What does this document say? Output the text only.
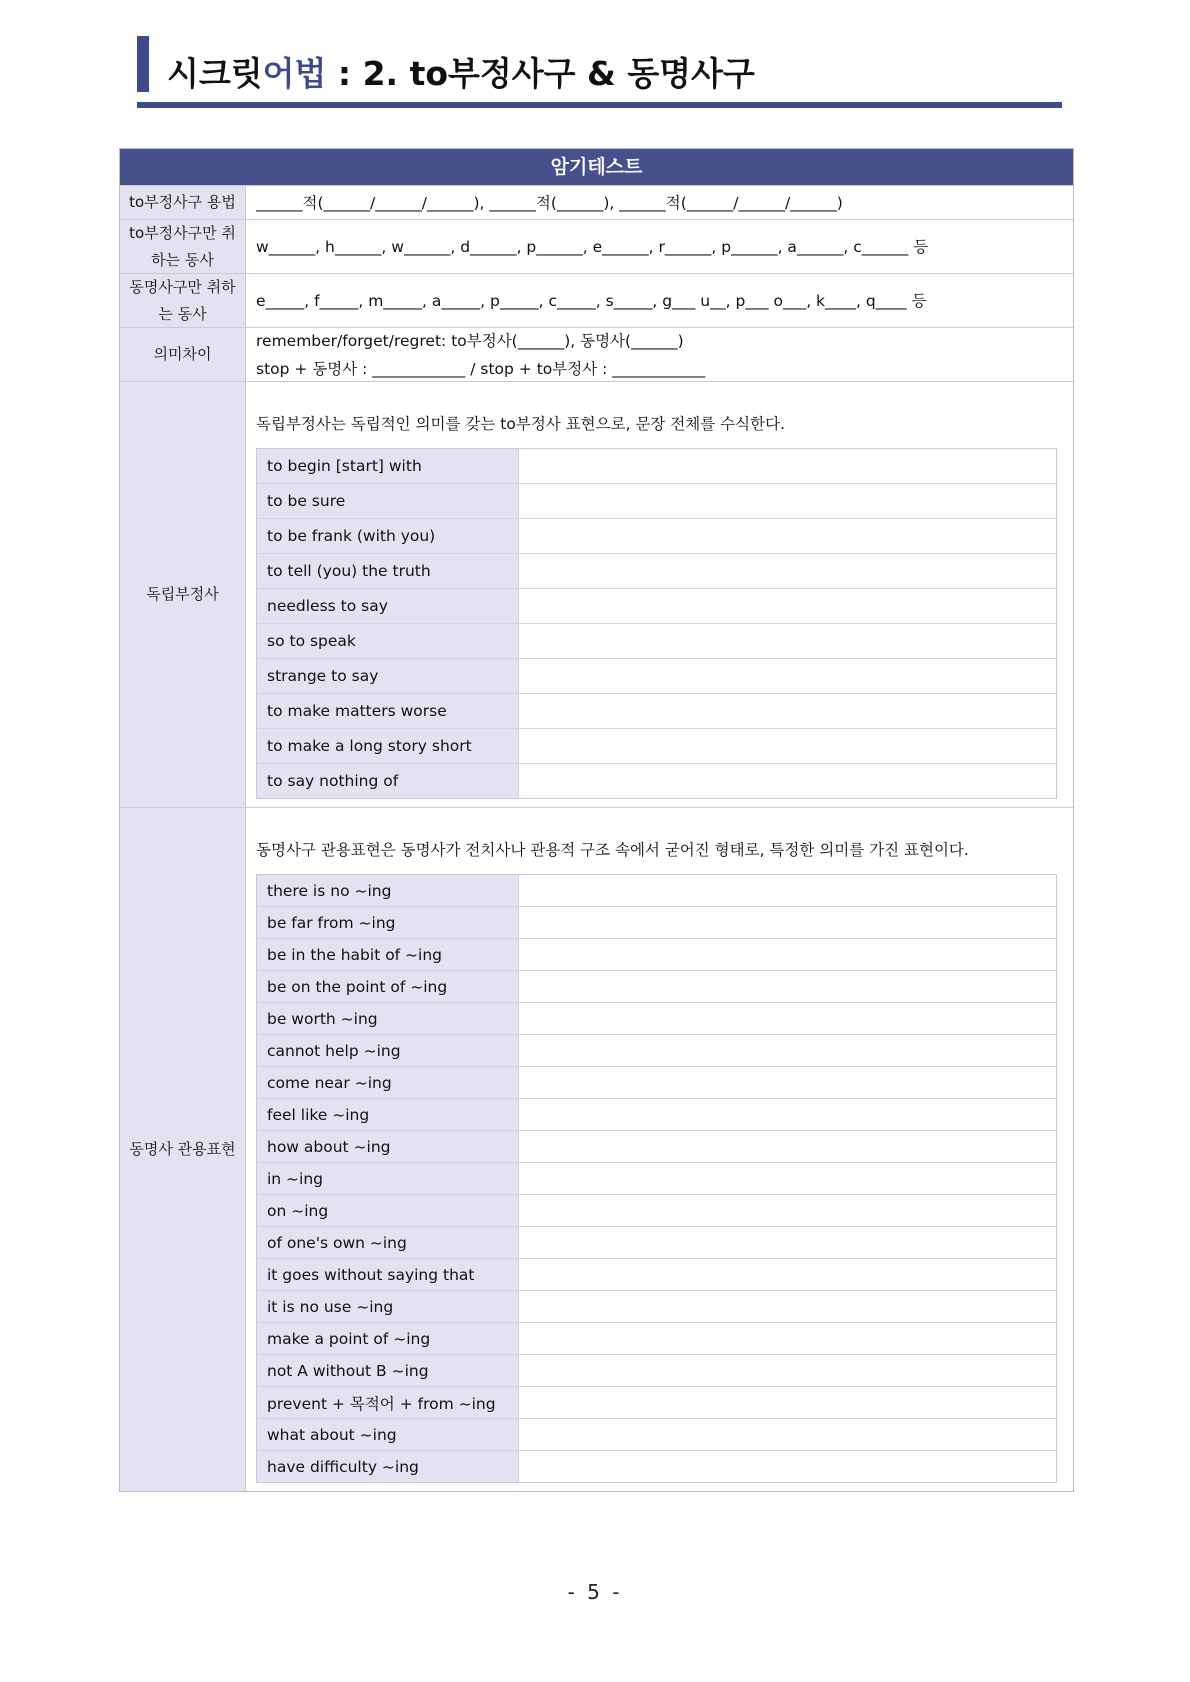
시크릿어법 : 2. to부정사구 & 동명사구
암기테스트
to부정사구 용법	______적(______/______/______), ______적(______), ______적(______/______/______)
to부정사구만 취하는 동사
w______, h______, w______, d______, p______, e______, r______, p______, a______, c______ 등
동명사구만 취하는 동사
e_____, f_____, m_____, a_____, p_____, c_____, s_____, g___ u__, p___ o___, k____, q____ 등
의미차이
remember/forget/regret: to부정사(______), 동명사(______)
stop + 동명사 : ____________ / stop + to부정사 : ____________
독립부정사
독립부정사는 독립적인 의미를 갖는 to부정사 표현으로, 문장 전체를 수식한다.
to begin [start] with
to be sure
to be frank (with you)
to tell (you) the truth
needless to say
so to speak
strange to say
to make matters worse
to make a long story short
to say nothing of
동명사 관용표현
동명사구 관용표현은 동명사가 전치사나 관용적 구조 속에서 굳어진 형태로, 특정한 의미를 가진 표현이다.
there is no ~ing
be far from ~ing
be in the habit of ~ing
be on the point of ~ing
be worth ~ing
cannot help ~ing
come near ~ing
feel like ~ing
how about ~ing
in ~ing
on ~ing
of one's own ~ing
it goes without saying that
it is no use ~ing
make a point of ~ing
not A without B ~ing
prevent + 목적어 + from ~ing
what about ~ing
have difficulty ~ing
- 5 -
